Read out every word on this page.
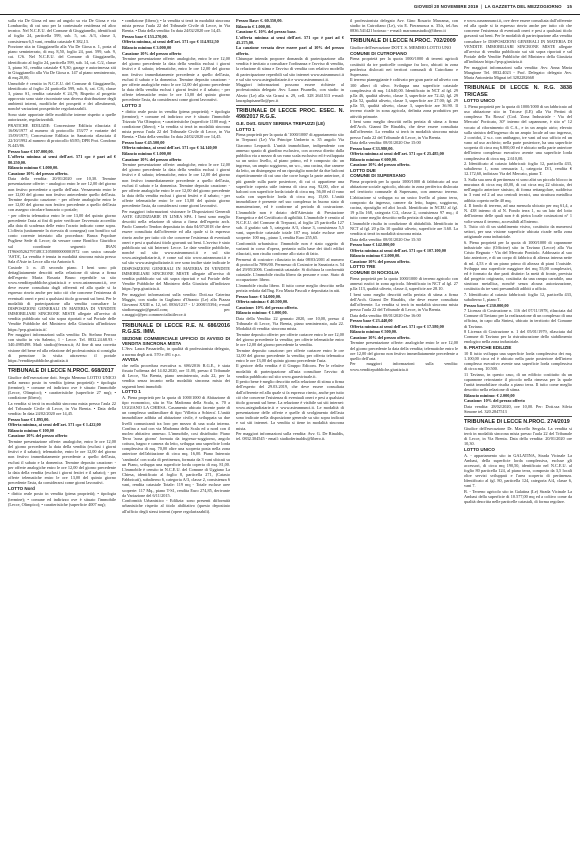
GIOVEDÌ 20 NOVEMBRE 2019  |  LA GAZZETTA DEL MEZZOGIORNO 15

sulla via De Giosa ed uno ad angolo su via De Giosa e via Lombardia; di cui uno per la contestuale residenza ed altro tecnico. Nel N.C.E.U. del Comune di Giuggianello, identificati al foglio 24, particella 599, sub. 5, cat. A/3, classe 3, consistenza 6,5 vani, rendita catastale € 382,13.

Porzione sita in Giuggianello alla Via De Giosa n. 1, posta al piano seminterrato, di mq. 8,50, foglio 24, part. 599, sub. 9, cat. C/6. Nel N.C.E.U. del Comune di Giuggianello, identificato al foglio 24, particella 599, sub. 14, cat. C/2, classe 3, piano S1, rendita catastale € 9,30; garage e autorimessa siti in Giuggianello alla Via De Giosa n. 147 al piano seminterrato, di mq.20,00,

Unmobile è censito in N.C.E.U. del Comune di Giuggianello, identificato al foglio 24 particella 599, sub. 6, cat. C/6, classe 3, piano S1, rendita catastale € 24,79; Rispetto al progetto approvato sono state riscontrate una diversa distribuzione degli ambienti interni, modifiche dei prospetti e dei allestimenti, nonché variazioni prospettiche regolarizzabili.

Sono state apportate delle modifiche interne rispetto a quelle autorizzate, regolarizzabili.

PRATICHE EDILIZIE: Concessione Edilizia rilasciata il 16/06/1977 al numero di protocollo 153/77 e variante del 15/09/1977; Concessione Edilizia in Sanatoria rilasciata il 22/10/1992 al numero di protocollo 65/85; DPR Prot. Condono N.445/86.

Prezzo base € 107.000,00.

L'offerta minima ai sensi dell'art. 571 cpc è pari ad € 80.250,00.

Rilancio minimo € 1.000,00.

Cauzione 10% del prezzo offerto.

Data della vendita: 20/01/2020 ore 10,30. Termine presentazione offerte: - analogico entro le ore 12,00 del giorno non festivo precedente a quello dell'asta. Versamento entro le ore 12,00 del giorno non festivo antecedente quello dell'asta. Termine deposito cauzione: - per offerte analogiche entro le ore 12,00 del giorno non festivo precedente a quello dell'asta con assegno circolare bancario o postale;

- per offerta telematica entro le ore 13,00 del quinto giorno precedente l'asta ai fini di poter verificare l'avvenuto accredito alla data di scadenza delle entro l'orario indicato come sopra. L'offerta (unitamente la ricevuta di consegna) con bonifico sul conto corrente intestato alla procedura: Banca Popolare Pugliese Sede di Lecce; da versare come Bonifico Giuridico sul coordinate seguenti: IBAN IT96S0526279748CC1050000000001972 con unica causale 'ASTA', La vendita è tenuta in modalità sincrona mista presso Sala d'Aste in Lecce alla via Antonio 6.

Custode 1: n. 45 secondo piano. I beni sono più dettagliatamente descritti nella relazione di stima a firma dell'esperto Maria Rosaria Bruno reperibile su sito www.venditepubbliche.giustizia.it e www.asteannunci.it, ove deve essere consultata dagli offerenti ed alla quale si fa espresso rinvio anche per tutto ciò che concerne l'esistenza di eventuali oneri e pesi a qualsiasi titolo gravanti sui beni. Per le modalità di partecipazione alla vendita consultare la DISPOSIZIONI GENERALI IN MATERIA DI VENDITE IMMOBILIARI SINCRONE MISTE allegate all'avviso di vendita pubblicato sul sito sopra riportati e sul Portale delle Vendite Pubbliche del Ministero della Giustizia all'indirizzo https://pvp.giustizia.it/.

Per maggiori informazioni sulla vendita: Dr. Stefano Ferrara con studio in via Salento, 1 - Lecce. Tel. 0832.24.68.93 - 340.4985498. Mail: studio@ferrara.it; Al fine di una corretta visione del bene ed alla relazione del professionista si consiglia di prenotare la visita attraverso il portale https://venditepubbliche.giustizia.it

TRIBUNALE DI LECCE N.PROC. 668/2017

Giudice dell'esecuzione dott. Sergio Memmo LOTTO UNICO nella mezzo posto in vendita (piena proprietà): • tipologia (termine); • comune ed indirizzo ove è situato l'immobile (Lecce, Olimpico); • caratteristiche (superficie 27 mq); • condizione (libero);

La vendita si terrà in modalità sincrona mista presso l'aula 22 del Tribunale Civile di Lecce, in Via Brenta. • Data della vendita: In data 24/02/2020 ore 14,45.

Prezzo base € 1.895,00.

Offerta minima, ai sensi dell'art. 571 cpc € 1.422,00

Rilancio minimo € 100,00

Cauzione 10% del prezzo offerto

Termine presentazione offerte: analogiche, entro le ore 12,00 del giorno precedente la data della vendita (esclusi i giorni festivi e il sabato); telematiche, entro le ore 12,00 del giorno non festivo immediatamente precedente a quello dell'asta, esclusi il sabato e la domenica. Termine deposito cauzione: - per offerte analogiche entro le ore 12,00 del giorno precedente la data della vendita (esclusi i giorni festivi e il sabato); - per offerte telematiche entro le ore 13,00 del quinto giorno precedente l'asta, da considerarsi come giorni lavorativi.

LOTTO Nord

• diritto reale posto in vendita (piena proprietà); • tipologia (termine); • comune ed indirizzo ove è situato l'immobile (Lecce, Olimpico); • caratteristiche (superficie 4007 mq);

• condizione (libero); • la vendita si terrà in modalità sincrona mista presso l'aula 22 del Tribunale Civile di Lecce, in Via Brenta. • Data della vendita: In data 24/02/2020 ore 14,45.

Prezzo base € 153.270,00.

Offerta minima, ai sensi dell'art. 571 cpc € 114.952,50

Rilancio minimo € 3.000,00

Cauzione 10% del prezzo offerto

Termine presentazione offerte: analogiche, entro le ore 12,00 del giorno precedente la data della vendita esclusi i giorni festivi e il sabato; telematiche, entro le ore 12,00 del giorno non festivo immediatamente precedente a quello dell'asta, esclusi il sabato e la domenica. Termine deposito cauzione: - per offerte analogiche entro le ore 12,00 del giorno precedente la data della vendita esclusi i giorni festivi e il sabato; - per offerte telematiche entro le ore 13,00 del quinto giorno precedente l'asta, da considerarsi come giorni lavorativi.

LOTTO 3

• diritto reale posto in vendita (piena proprietà); • tipologia (termine); • comune ed indirizzo ove è situato l'immobile Trizzato Via Olimpico; • caratteristiche (superficie 1100 mq); • condizione (libero); • la vendita si terrà in modalità sincrona mista presso l'aula 22 del Tribunale Civile di Lecce, in Via Brenta. • Data della vendita: In data 24/02/2020 ore 14,45.

Prezzo base € 45.500,00

Offerta minima, ai sensi dell'art. 571 cpc € 34.140,00

Rilancio minimo € 1.000,00

Cauzione 10% del prezzo offerto

Termine presentazione offerte: analogiche, entro le ore 12,00 del giorno precedente la data della vendita esclusi i giorni festivi e il sabato; telematiche, entro le ore 12,00 del giorno non festivo immediatamente precedente a quello dell'asta, esclusi il sabato e la domenica. Termine deposito cauzione: - per offerte analogiche entro le ore 12,00 del giorno precedente la data della vendita esclusi i giorni festivi e il sabato; - per offerte telematiche entro le ore 13,00 del quinto giorno precedente l'asta, da considerarsi come giorni lavorativi.

Per maggiori informazioni visionare le Disposizioni Generali ASTE GIUDIZIARIE IN LINEA SPA. I beni sono meglio descritti nella relazione di stima a firma dell'esperto arch. Paolo Carmelo Tendon depositata in data 04/07/2018 che deve essere consultata dall'offerente ed alla quale si fa espresso rinvio anche per tutto ciò che concerne l'esistenza di eventuali oneri e pesi a qualsiasi titolo gravanti sui beni. L'avviso è stato pubblicato sui siti Internet: Lecce. Le date vendite pubbliche, nonché sul sito www.asteannunci.it e sul sito www.astegiudiziarie.it, è come sul sito www.asteannunci.it e sul sito www.astegiudiziarie.it ove sono inoltre state indicate le DISPOSIZIONI GENERALI IN MATERIA DI VENDITE IMMOBILIARI SINCRONE MISTE allegate all'avviso di vendita pubblicato sui siti sopra riportati e sul Portale delle Vendite Pubbliche del Ministero della Giustizia all'indirizzo https://pvp.giustizia.it.

Per maggiori informazioni sulla vendita: Dott.ssa Caterina Maggio, con studio in Gagliano d'Otranto (Le) alla Piazza Giovanni XXIII n. 12, tel. 0836/1217 - 1/ 2008/15394; e-mail studiomaggio@gmail.com; pec c.maggio@pec.commercialistilecce.it

TRIBUNALE DI LECCE R.E. N. 686/2016 R.G.ES. IMM.

SEZIONE COMMERCIALE UFFICIO DI AVVISO DI VENDITA SINCRONA MISTA

L'Avv. Laura Passariello, in qualità di professionista delegato, a norma degli artt. 570 e 491 c.p.c.

AVVISA

che nella procedura esecutiva n. 686/2016 R.G.E., è stata fissata l'udienza del 14.02.2020, ore 11.00, presso il Tribunale di Lecce, Via Brenta, piano seminterrato, aula 22, per la vendita senza incanto nella modalità sincrona mista dei seguenti beni immobili:

LOTTO 1

A. Piena proprietà per la quota di 1000/1000 di Abitazione di tipo economico, sita in Via Madonna della Scala, n. 70 a UGGIANO LA CHIESA. Casamento ubicato facente parte di un complesso unifamiliare di tipo 'Villetta a Schiera'. L'unità immobiliare adibita ad abitazione civile, è sviluppata su due livelli comunicanti tra loro per mezzo di una scala interna. Confina a sud con via Madonna della Scala ed a nord con il nucleo abitativo annesso. L'immobile, cosi distribuito: Piano Terra 'zona giorno' formata da ingresso-soggiorno, angolo cottura, bagno e camera da letto, sviluppa una superficie lorda complessiva di mq. 70,00 oltre una scoperta posta nella zona anteriore dell'abitazione di circa mq. 16,00. Piano Interrato 'cantinola' con scala di pertinenza, formata da 3 vani ubicati su un Piano, sviluppa una superficie lorda coperta di mq. 81,00. L'immobile è censito in N.C.E.U. del Comune di Uggiano La Chiesa, identificato al foglio 8, particella 271, (Catasto Fabbricati), subalterno 6, categoria A/3, classe 2, consistenza 6 vani, rendita catastale Totale: 119 mq - Totale escluse aree scoperte: 117 Mq., piano T-S1, rendita Euro 274,85, derivante da Variazione del 6/11/2015.

Conformità Urbanistico - Edilizia: sono presenti difformità urbanistiche rispetto al titolo abilitativo (questo depositato all'ufficio degli stessi interni (opere regolarizzabili).

Prezzo Base: €. 60.350,00.

Rilancio € 1.000,00.

Cauzione €. 10% del prezzo base.

L'offerta minima ai sensi dell'art. 571 cpc è pari ad € 45.275,00.

La cauzione versata deve essere pari al 10% del prezzo offerto.

Chiunque intenda proporre domanda di partecipazione alla vendita è invitato a consultare l'ordinanza e l'avviso di vendita, la relazione di stima e l'avviso di vendita con relativo modello di partecipazione reperibili sul sito internet www.asteannunci.it e sul sito www.astegiudiziarie.it e www.asteannunci.it.

Maggiori informazioni possono essere richieste al professionista delegato Avv. Laura Pisanello, con studio in Alezio (Le) alla via Grassi n. 29, cell. 328 2641513 e-mail: lauraplapisanello@pec.it

TRIBUNALE DI LECCE PROC. ESEC. N. 498/2017 R.G.E.

G.E. Dott. GIUSY SERENA TREPUZZI (LE)

LOTTO 1

Piena proprietà per la quota di '1000/1000' di appartamento sito in Trepuzzi (Le) Via Principe Umberto n. 35 angolo Via Giacomo Leopardi. L'unità immobiliare, indipendente con annesso spazio di giardino esclusivo, con accesso diretto dalla pubblica via a mezzo di un vano scala esclusivo ed è sviluppata su un unico livello, al piano primo, ed è composto da: un ingresso, un ampio soggiorno, un w.c., una cucina, due camere da letto, un disimpegno ed un ripostiglio nonché da due balconi rispettivamente di cui uno che corre lungo la parte anteriore, il più grande sulla parte posteriore, di cui ci appartiene una superficie coperta utile interna di circa mq. 92,00, oltre ai balconi con superficie lorda totale di circa mq. 56,00 ed il vano scala con superficie lorda di circa mq. 15,00. L'unità immobiliare è presente nel suo complesso in buono stato di manutenzione, ed è conforme al periodo di costruzione. L'immobile non è dotato dell'Attestato di Prestazione Energetica e del Certificato di agibilità. L'immobile è censito al N.C.E.U. del Comune di Trepuzzi, al foglio 25 particella 127 sub. 4 grafato sub 5, categoria A/3, classe 3, consistenza 5,5 vani, superficie catastale totale 107 mq. totale escluse aree scoperte: 100 mq., piano 1, rendita Euro 255,65.

Conformità urbanistica: l'immobile non è stato oggetto di varianti in corso d'opera, pertanto sulla base dei titoli edilizi rilasciati, non risulta conforme allo stato di fatto.

Permessi di costruire: rilasciato in data 08/03/2001 al numero di protocollo 7896/00. Permesso di Costruire in Sanatoria n. 54 del 29/05/2006. Conformità catastale: Si dichiara la conformità catastale. L'immobile risulta libero da persone e cose. Stato di occupazione: libero.

L'immobile risulta libero. Il tutto come meglio descritto nella perizia redatta dall'Ing. Eva Marta Pascali e depositata in atti.

Prezzo base: € 54.000,00.

Offerta minima: € 40.500,00.

Cauzione: 10% del prezzo offerto.

Rilancio minimo: € 1.000,00.

Data della Vendita: 22 gennaio 2020, ore 10,00, presso il Tribunale di Lecce, Via Brenta, piano seminterrato, aula 22. Modalità di vendita: sincrona mista.

Termine deposito offerte: per offerte cartacee entro le ore 12,00 del giorno precedente la vendita; per offerte telematiche entro le ore 12,00 del giorno precedente la vendita.

Termine deposito cauzione: per offerte cartacee entro le ore 12,00 del giorno precedente la vendita; per offerta telematica entro le ore 13,00 del quinto giorno precedente l'asta.

Il gestore della vendita è il Gruppo Edicom. Per le relative modalità di partecipazione all'asta consultare l'avviso di vendita pubblicato sul sito www.garavirtuale.it.

Il perito bene è meglio descritto nella relazione di stima a firma dell'esperto del 29.03.2019, che deve essere consultata dall'offerente ed alla quale si fa espresso rinvio, anche per tutto ciò che concerne l'esistenza di eventuali oneri e pesi a qualsiasi titolo gravanti sul bene. La relazione è visibile sui siti internet: www.astegiudiziarie.it e www.asteannunci.it. Le modalità di presentazione delle offerte e quelle di svolgimento dell'asta sono indicate nella disposizione generale su sito sopra indicati e sui siti internet. La vendita si tiene in modalità sincrona mista.

Per maggiori informazioni sulla vendita: Avv. G. De Rinaldis, tel. 0832.304545 - email: studioderinaldis@libero.it.

il professionista delegato Avv. Gino Rosario Marrama, con studio in Cutrofiano (Le), via E. Fieramosca n. 35/a, tel./fax 0836.541421 botosso - e-mail: marramastudio@libero.it

TRIBUNALE DI LECCE N.PROC. 702/2009

Giudice dell'esecuzione DOTT. S. MEMMO LOTTO UNO

COMUNE DI CUTROFIANO

Piena proprietà per la quota 1000/1000 di terreni agricoli costituiti da tre particelle contigue fra loro, ubicati in zona periferica dislocati nei territori comunali di Cutrofiano e Supersano.

Il terreno pianeggiante è coltivato per gran parte ad uliveto con 100 alberi di ulivo. Sviluppa una superficie catastale complessiva di mq. 14.640,00. Identificato in NCT al fgl. 29 p.lla 46, qualità uliveto, classe 3, superficie are 72.42; fgl. 29 p.lla 52, qualità uliveto, classe 3, superficie are 27.00; fgl. 29 p.lla 55, qualità uliveto, classe 3, superficie are 36.90. Il terreno ricade in zona agricola, definita zona produttiva per attività primarie.

I beni sono meglio descritti nella perizia di stima a firma dell'Arch. Gianni De Rinaldis, che deve essere consultata dall'offerente. La vendita si terrà in modalità sincrona mista presso l'aula 22 del Tribunale di Lecce, in Via Brenta.

Data della vendita: 08/01/2020 Ore 15:00

Prezzo base € 33.980,00.

Offerta minima ai sensi dell'art. 571 cpc € 25.485,00

Rilancio minimo € 600,00.

Cauzione 10% del prezzo offerto.

LOTTO DUE

COMUNE DI SUPERSANO

Piena proprietà per la quota 1000/1000 di fabbricato ad uso abitazione sociale agricolo, ubicato in zona periferica dislocata nel territorio comunale di Supersano, con annesso terreno. L'abitazione si sviluppa su un unico livello al piano terra, composto da ingresso, camere da letto, bagno, soggiorno, cucina, ripostiglio ed altri locali. Identificato in NCEU al fgl. 19 p.lla 168, categoria C/2, classe 2, consistenza 97 mq.; il tutto come meglio descritto nella perizia di stima agli atti.

L'immobile risulta in condizione di abitabilità. Identificato in NCT al fgl. 20 p.lla 10 qualità uliveto, superficie are 3.60. La vendita si terrà in modalità sincrona mista.

Data della vendita: 08/01/2020 Ore 15:30

Prezzo base € 142.800,00

Offerta minima ai sensi dell'art. 571 cpc € 107.100,00

Rilancio minimo € 2.000,00.

Cauzione 10% del prezzo offerto.

LOTTO TRE

COMUNE DI NOCIGLIA

Piena proprietà per la quota 1000/1000 di terreno agricolo con annessi rustici in zona agricola. Identificato in NCT al fgl. 27 p.lla 113, qualità uliveto, classe 4, superficie are 28.10.

I beni sono meglio descritti nella perizia di stima a firma dell'Arch. Gianni De Rinaldis, che deve essere consultata dall'offerente. La vendita si terrà in modalità sincrona mista presso l'aula 22 del Tribunale di Lecce, in Via Brenta.

Data della vendita: 08/01/2020 Ore 16:00

Prezzo base € 23.440,00

Offerta minima ai sensi dell'art. 571 cpc € 17.580,00

Rilancio minimo € 500,00.

Cauzione 10% del prezzo offerto.

Termine presentazione offerte: analogiche entro le ore 12,00 del giorno precedente la data della vendita; telematiche entro le ore 12,00 del giorno non festivo immediatamente precedente a quello dell'asta.

Per maggiori informazioni sulla vendita: www.venditepubbliche.giustizia.it

e www.oaseannunci.it, ove deve essere consultata dall'offerente ed alla quale si fa espresso rinvio anche per tutto ciò che concerne l'esistenza di eventuali oneri e pesi a qualsiasi titolo gravanti sui beni. Per le modalità di partecipazione alla vendita consultare le DISPOSIZIONI GENERALI IN MATERIA DI VENDITE IMMOBILIARI SINCRONE MISTE allegate all'avviso di vendita pubblicato sui siti sopra riportati e sul Portale delle Vendite Pubbliche del Ministero della Giustizia all'indirizzo https://pvp.giustizia.it

Per maggiori informazioni sulla vendita: Avv. Anna Maria Mangione Tel. 0832.4023 - Prof. Delegato: delegato Avv. Maria Antonietta Mignai tel 3282282668

TRIBUNALE DI LECCE N. R.G. 3838 TRICASE

LOTTO UNICO

1. Piena proprietà per la quota di 1000/1000 di un fabbricato ad uso abitazione sito in Tricase (LE) alla Via Pertini di complesso 'Ex Rossa' (Cod. 'Zona Industriale - Via del Mercato' Porticato, 30° interno del capannone, è sito n° 12 vocato al rifornimento di C.A., e in un ampio atrio; elevato sulla sinistra dell'ingresso da un ampio locale ad uso ingresso, 2 corridoi, 2 w.c. con antibagno, tre vani ad uso ufficio ed un vano ad uso archivio; nella parte posteriore, ha una superficie scoperta di circa mq 6.800,00 ed è ubicato nella parte anteriore dell'intero complesso esecutivo avente una superficie lorda complessiva di circa mq. 2.610,00.

2. Identificato al catasto fabbricati: foglio 12, particella 433, subalterno 1, zona censuaria 1, categoria D/1, rendita € 12.172,60, indirizzo Via del Mercato, piano T.

3. Sulla sua area di pertinenza vi sono altri un piccolo blocco in muratura di circa mq 40,00, di cui circa mq 22 ubicato, dei nell'angolo anteriore sinistro, di forma rettangolare, suddiviso in 3 vani ed 2 ad uso centrali tecnici, una struttura metallica adibita coperto nelle 40 mq.

4. Il fondo di terreno, ad una mensola ubicato per mq 61,4, a N. 438 interno di al N. Fondo terra 1, su un lato del lotto dell'interno delle quali non è di pietra locale costruzioni n° 1 volte senza il terreno, accessibili all'interno.

5. Tutto ciò di un stabilimento visivo, costituito da numerosi settori, per una visione superficie ubicata ricade nella zona artigianale zona industriale.

6. Piena proprietà per la quota di 1000/1000 di capannone industriale sito (Officine) sito in Taviano (Lecce) alla Via Cristo Regnato - Via del Mercato Pontiolo. Addossato al suo lato anteriore, e di un corpo di fabbrica di altezza interna nette di ml. 4,53 e di un piano primo di altezza di piani 1'outside. Sviluppa una superficie maggiore dei mq 55,00 complessivi, ed è formato da due parti distinte: la metà di fronte, prevista dal progetto originario, costituita da una rampa carrabile, una struttura metallica, nonché senza alcuna autorizzazione, costituita da tre vani presumibili adibiti a ufficio.

7. Identificato al catasto fabbricati: foglio 12, particella 433, subalterno 1, piano T.

Prezzo base € 230.000,00

7 Licenza di Costruzione n. 116 del 07/11/1978, rilasciata dal Comune di Taviano per la realizzazione di un complesso di una officina, in capo alla Sintesi, ubicato in territorio del Comune di Taviano.

8 Licenza di Costruzione n. 1 del 05/01/1979, rilasciata dal Comune di Taviano per la ristrutturazione dello stabilimento enologico nella zona industriale.

9. PRATICHE EDILIZIE

10 Il tutto sviluppa una superficie lorda complessiva dei mq. 1.100,00 circa ed è ubicato nella parte posteriore dell'intero complesso esecutivo avente una superficie lorda complessiva di circa mq. 10.500.

11 Taviano, in questo caso, di un edificio costituito da un capannone retrostante il piccolo nella rimessa per la quale l'unità immobiliare risulta a piano terra. Il tutto come meglio descritto nella relazione di stima.

Rilancio minimo: € 2.000,00

Cauzione: 10% del prezzo offerto

Data vendita: 28/02/2020, ore 10,00. Per: Dott.ssa Silvia Simone tel. 320.2847513

TRIBUNALE DI LECCE N.PROC. 274/2019

Giudice dell'esecuzione Dr. Marcello Sergola. La vendita si terrà in modalità sincrona mista presso l'aula 22 del Tribunale di Lecce, in Via Brenta. Data della vendita: 20/01/2020 ore 10,30.

LOTTO UNICO

A. - appartamento sito in GALATINA, Strada Vicinale La Ambasi, della superficie lorda complessiva, escluse gli accessori, di circa mq 190,50, identificato nel N.C.E.U. al foglio 80 particella 124, al piano terra, composto da 3,5 locali oltre servizi sviluppati e l'area scoperta di pertinenza. Identificato al fgl. 80, particella 124, categoria A/4, classe 6, vani 7.

B. - Terreno agricolo sito in Galatina (Le) Strada Vicinale La Ambasi della superficie di 10.577,00 mq ed a coltivo come da qualità descritta nelle particelle catastali, di forma regolare.
